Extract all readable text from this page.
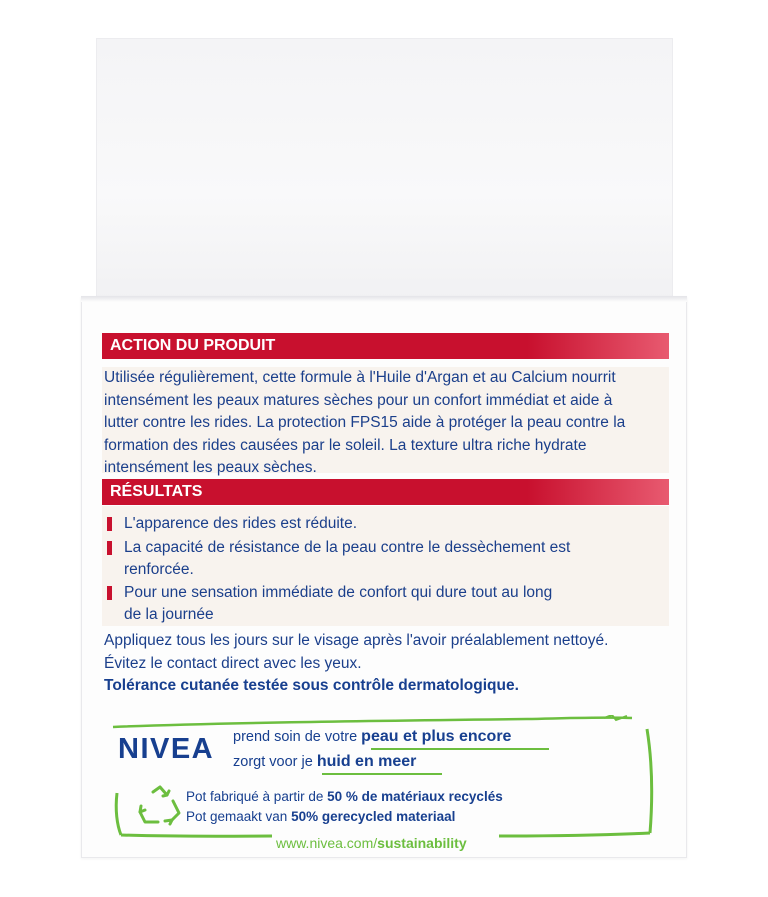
ACTION DU PRODUIT
Utilisée régulièrement, cette formule à l'Huile d'Argan et au Calcium nourrit
intensément les peaux matures sèches pour un confort immédiat et aide à
lutter contre les rides. La protection FPS15 aide à protéger la peau contre la
formation des rides causées par le soleil. La texture ultra riche hydrate
intensément les peaux sèches.
RÉSULTATS
L'apparence des rides est réduite.
La capacité de résistance de la peau contre le dessèchement est
renforcée.
Pour une sensation immédiate de confort qui dure tout au long
de la journée
Appliquez tous les jours sur le visage après l'avoir préalablement nettoyé.
Évitez le contact direct avec les yeux.
Tolérance cutanée testée sous contrôle dermatologique.
NIVEA prend soin de votre peau et plus encore
zorgt voor je huid en meer
Pot fabriqué à partir de 50 % de matériaux recyclés
Pot gemaakt van 50% gerecycled materiaal
www.nivea.com/sustainability
